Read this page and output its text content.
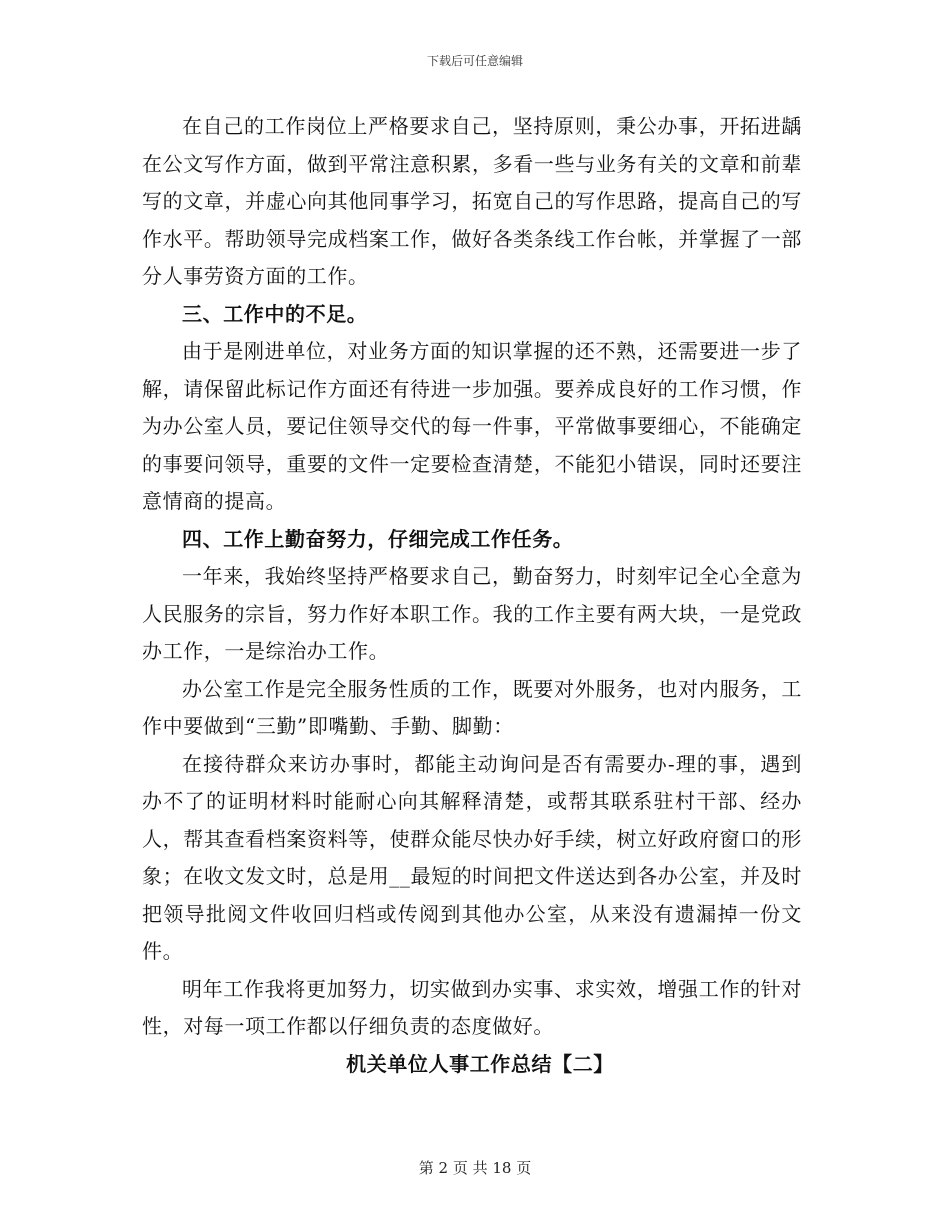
下载后可任意编辑

在自己的工作岗位上严格要求自己，坚持原则，秉公办事，开拓进龋在公文写作方面，做到平常注意积累，多看一些与业务有关的文章和前辈写的文章，并虚心向其他同事学习，拓宽自己的写作思路，提高自己的写作水平。帮助领导完成档案工作，做好各类条线工作台帐，并掌握了一部分人事劳资方面的工作。

三、工作中的不足。

由于是刚进单位，对业务方面的知识掌握的还不熟，还需要进一步了解，请保留此标记作方面还有待进一步加强。要养成良好的工作习惯，作为办公室人员，要记住领导交代的每一件事，平常做事要细心，不能确定的事要问领导，重要的文件一定要检查清楚，不能犯小错误，同时还要注意情商的提高。

四、工作上勤奋努力，仔细完成工作任务。

一年来，我始终坚持严格要求自己，勤奋努力，时刻牢记全心全意为人民服务的宗旨，努力作好本职工作。我的工作主要有两大块，一是党政办工作，一是综治办工作。

办公室工作是完全服务性质的工作，既要对外服务，也对内服务，工作中要做到“三勤”即嘴勤、手勤、脚勤：

在接待群众来访办事时，都能主动询问是否有需要办-理的事，遇到办不了的证明材料时能耐心向其解释清楚，或帮其联系驻村干部、经办人，帮其查看档案资料等，使群众能尽快办好手续，树立好政府窗口的形象；在收文发文时，总是用__最短的时间把文件送达到各办公室，并及时把领导批阅文件收回归档或传阅到其他办公室，从来没有遗漏掉一份文件。

明年工作我将更加努力，切实做到办实事、求实效，增强工作的针对性，对每一项工作都以仔细负责的态度做好。

机关单位人事工作总结【二】

第 2 页 共 18 页
